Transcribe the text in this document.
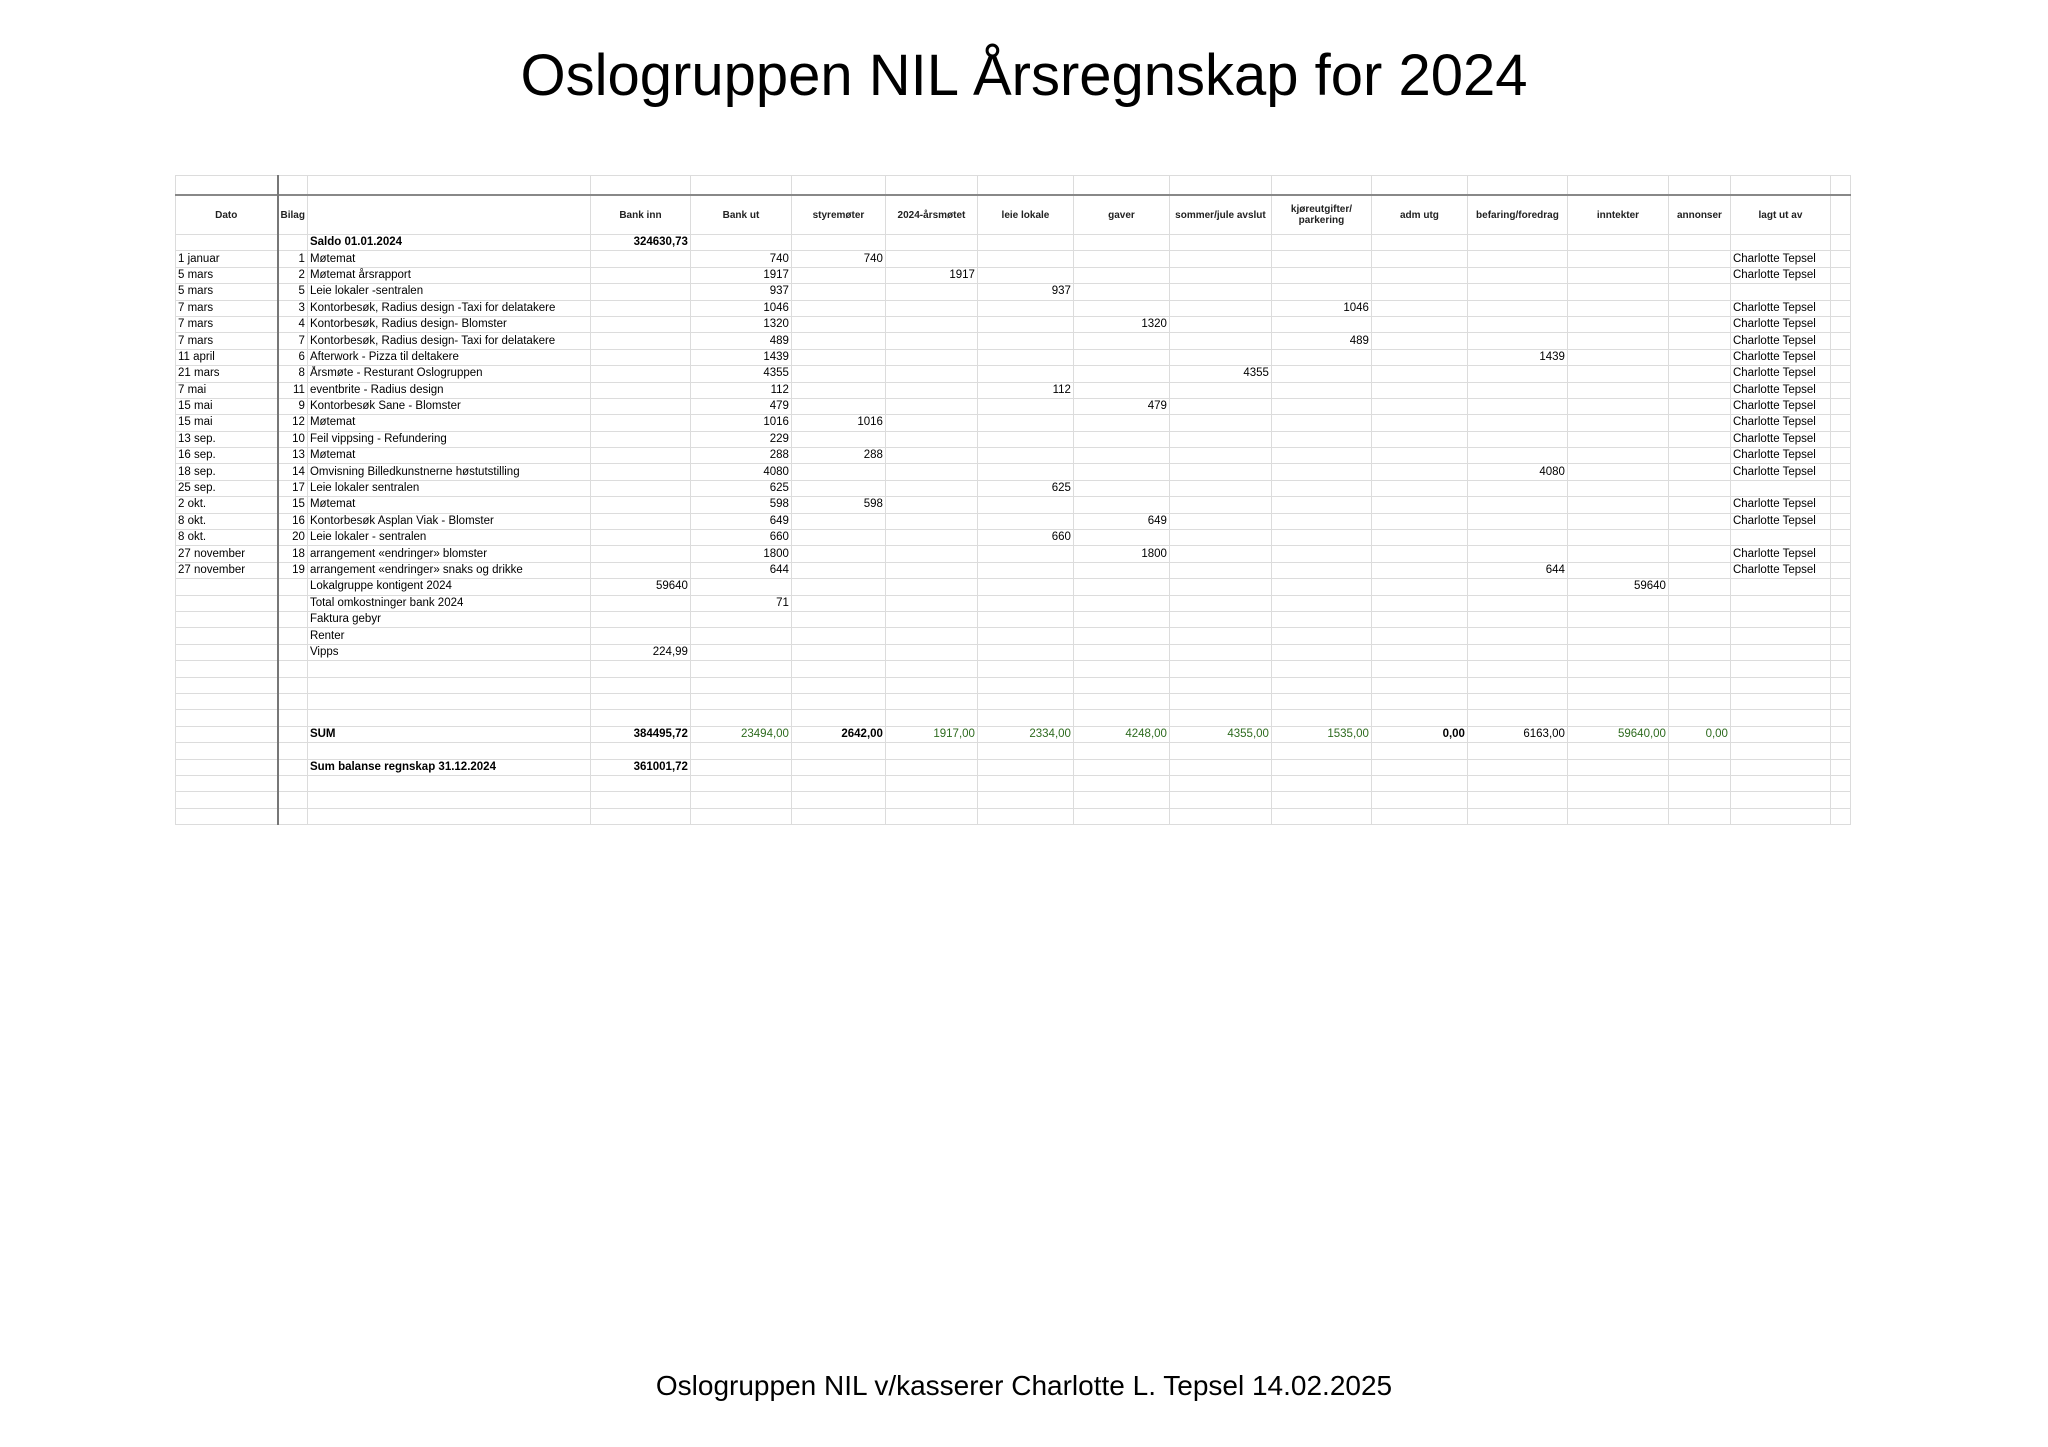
Oslogruppen NIL Årsregnskap for 2024

Dato	Bilag		Bank inn	Bank ut	styremøter	2024-årsmøtet	leie lokale	gaver	sommer/jule avslut	kjøreutgifter/ parkering	adm utg	befaring/foredrag	inntekter	annonser	lagt ut av	
		Saldo 01.01.2024	324630,73													
1 januar	1	Møtemat		740	740										Charlotte Tepsel	
5 mars	2	Møtemat årsrapport		1917		1917									Charlotte Tepsel	
5 mars	5	Leie lokaler -sentralen		937			937									
7 mars	3	Kontorbesøk, Radius design -Taxi for delatakere		1046						1046					Charlotte Tepsel	
7 mars	4	Kontorbesøk, Radius design- Blomster		1320				1320							Charlotte Tepsel	
7 mars	7	Kontorbesøk, Radius design- Taxi for delatakere		489						489					Charlotte Tepsel	
11 april	6	Afterwork - Pizza til deltakere		1439								1439			Charlotte Tepsel	
21 mars	8	Årsmøte - Resturant Oslogruppen		4355					4355						Charlotte Tepsel	
7 mai	11	eventbrite - Radius design		112			112								Charlotte Tepsel	
15 mai	9	Kontorbesøk Sane - Blomster		479				479							Charlotte Tepsel	
15 mai	12	Møtemat		1016	1016										Charlotte Tepsel	
13 sep.	10	Feil vippsing - Refundering		229											Charlotte Tepsel	
16 sep.	13	Møtemat		288	288										Charlotte Tepsel	
18 sep.	14	Omvisning Billedkunstnerne høstutstilling		4080								4080			Charlotte Tepsel	
25 sep.	17	Leie lokaler sentralen		625			625									
2 okt.	15	Møtemat		598	598										Charlotte Tepsel	
8 okt.	16	Kontorbesøk Asplan Viak - Blomster		649				649							Charlotte Tepsel	
8 okt.	20	Leie lokaler - sentralen		660			660									
27 november	18	arrangement «endringer» blomster		1800				1800							Charlotte Tepsel	
27 november	19	arrangement «endringer» snaks og drikke		644								644			Charlotte Tepsel	
		Lokalgruppe kontigent 2024	59640										59640			
		Total omkostninger bank 2024		71												
		Faktura gebyr														
		Renter														
		Vipps	224,99													

		SUM	384495,72	23494,00	2642,00	1917,00	2334,00	4248,00	4355,00	1535,00	0,00	6163,00	59640,00	0,00		

		Sum balanse regnskap 31.12.2024	361001,72													

Oslogruppen NIL v/kasserer Charlotte L. Tepsel 14.02.2025
